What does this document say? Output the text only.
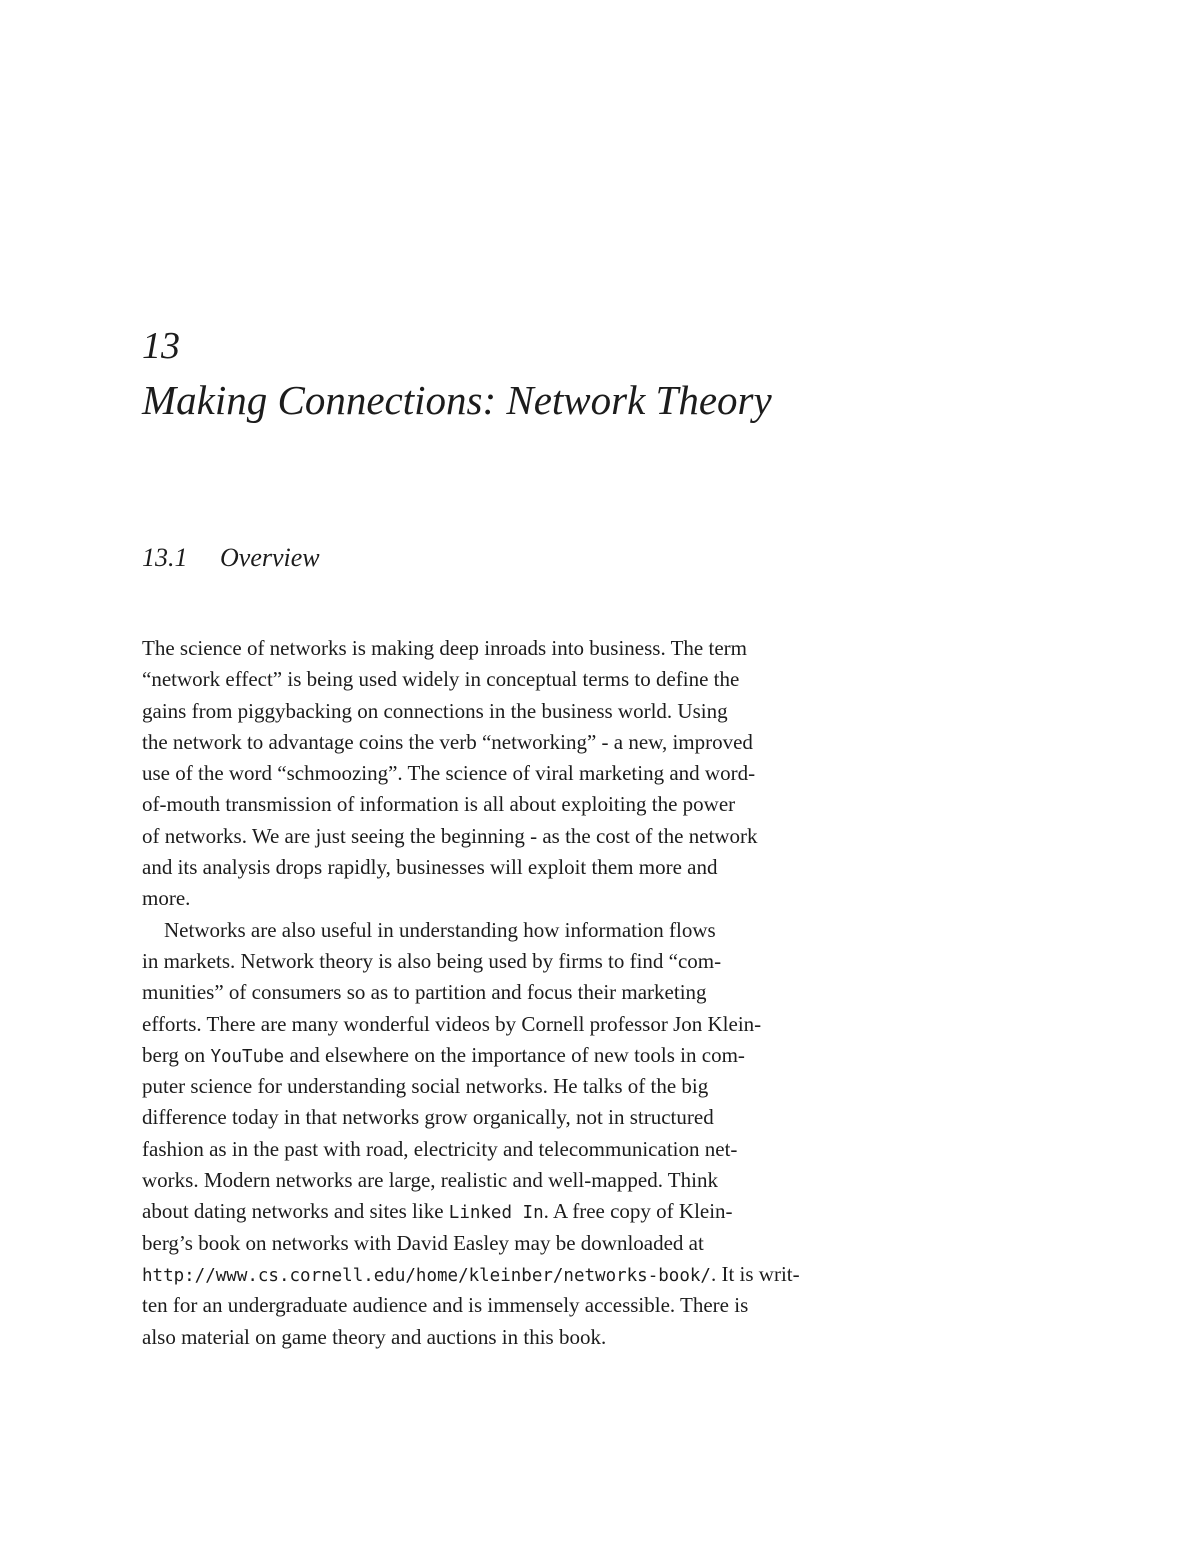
13
Making Connections: Network Theory
13.1 Overview

The science of networks is making deep inroads into business. The term
“network effect” is being used widely in conceptual terms to define the
gains from piggybacking on connections in the business world. Using
the network to advantage coins the verb “networking” - a new, improved
use of the word “schmoozing”. The science of viral marketing and word-
of-mouth transmission of information is all about exploiting the power
of networks. We are just seeing the beginning - as the cost of the network
and its analysis drops rapidly, businesses will exploit them more and
more.

Networks are also useful in understanding how information flows
in markets. Network theory is also being used by firms to find “com-
munities” of consumers so as to partition and focus their marketing
efforts. There are many wonderful videos by Cornell professor Jon Klein-
berg on YouTube and elsewhere on the importance of new tools in com-
puter science for understanding social networks. He talks of the big
difference today in that networks grow organically, not in structured
fashion as in the past with road, electricity and telecommunication net-
works. Modern networks are large, realistic and well-mapped. Think
about dating networks and sites like Linked In. A free copy of Klein-
berg’s book on networks with David Easley may be downloaded at
http://www.cs.cornell.edu/home/kleinber/networks-book/. It is writ-
ten for an undergraduate audience and is immensely accessible. There is
also material on game theory and auctions in this book.
